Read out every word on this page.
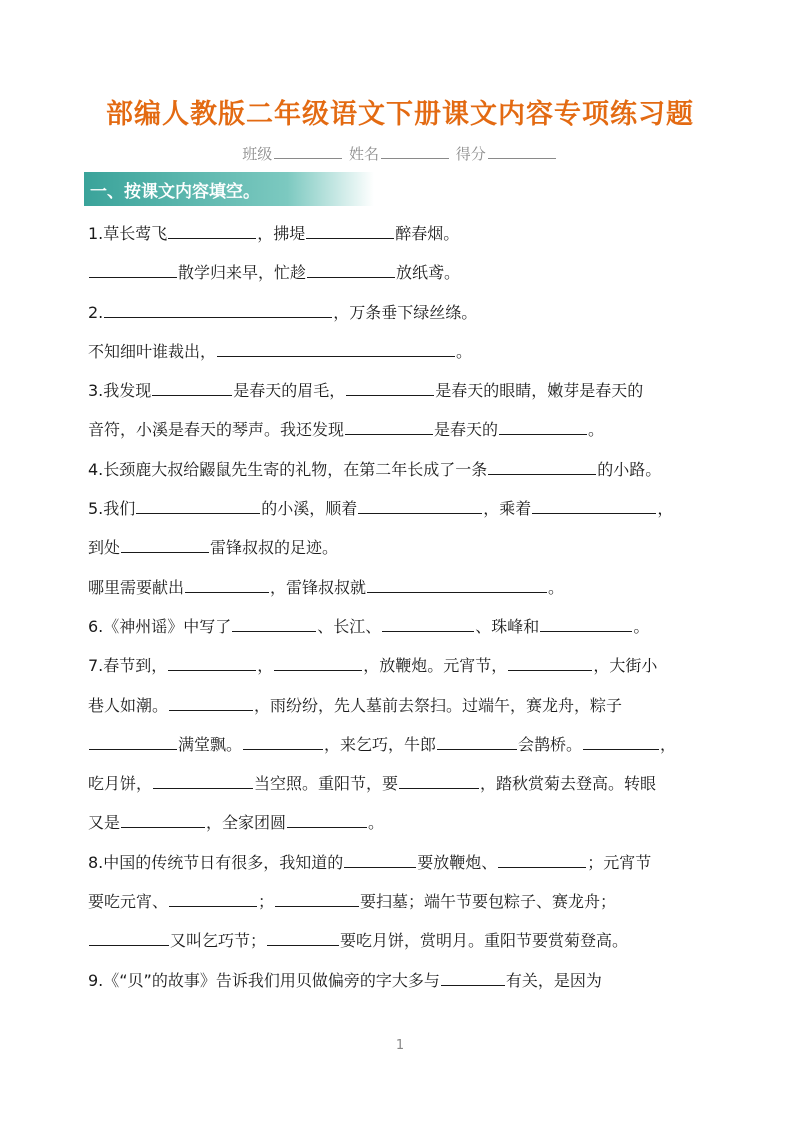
部编人教版二年级语文下册课文内容专项练习题
班级	姓名	得分
一、按课文内容填空。
1.草长莺飞	，拂堤	醉春烟。
散学归来早，忙趁	放纸鸢。
2.	，万条垂下绿丝绦。
不知细叶谁裁出，	。
3.我发现	是春天的眉毛，	是春天的眼睛，嫩芽是春天的
音符，小溪是春天的琴声。我还发现	是春天的	。
4.长颈鹿大叔给鼹鼠先生寄的礼物，在第二年长成了一条	的小路。
5.我们	的小溪，顺着	，乘着	，
到处	雷锋叔叔的足迹。
哪里需要献出	，雷锋叔叔就	。
6.《神州谣》中写了	、长江、	、珠峰和	。
7.春节到，	，	，放鞭炮。元宵节，	，大街小
巷人如潮。	，雨纷纷，先人墓前去祭扫。过端午，赛龙舟，粽子
满堂飘。	，来乞巧，牛郎	会鹊桥。	，
吃月饼，	当空照。重阳节，要	，踏秋赏菊去登高。转眼
又是	，全家团圆	。
8.中国的传统节日有很多，我知道的	要放鞭炮、	；元宵节
要吃元宵、	；	要扫墓；端午节要包粽子、赛龙舟；
又叫乞巧节；	要吃月饼，赏明月。重阳节要赏菊登高。
9.《“贝”的故事》告诉我们用贝做偏旁的字大多与	有关，是因为
1
